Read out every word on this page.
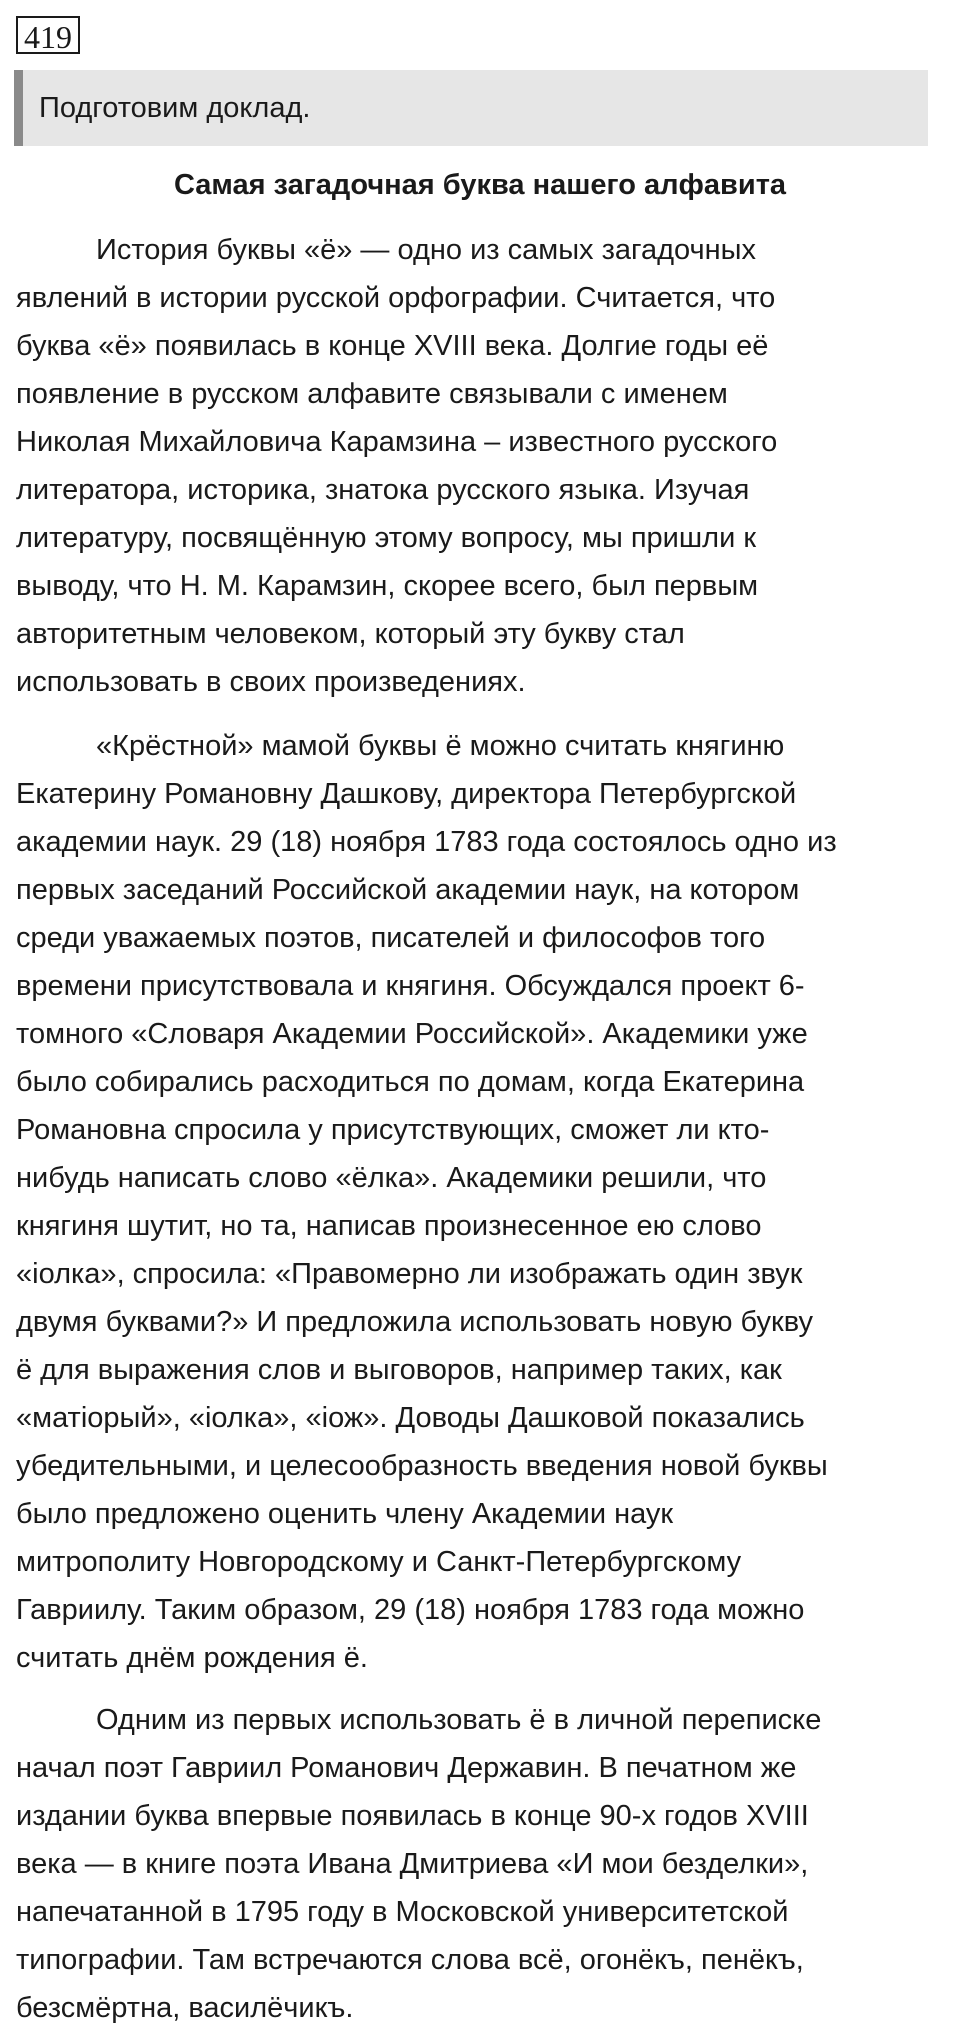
419
Подготовим доклад.
Самая загадочная буква нашего алфавита
История буквы «ё» — одно из самых загадочных
явлений в истории русской орфографии. Считается, что
буква «ё» появилась в конце XVIII века. Долгие годы её
появление в русском алфавите связывали с именем
Николая Михайловича Карамзина – известного русского
литератора, историка, знатока русского языка. Изучая
литературу, посвящённую этому вопросу, мы пришли к
выводу, что Н. М. Карамзин, скорее всего, был первым
авторитетным человеком, который эту букву стал
использовать в своих произведениях.
«Крёстной» мамой буквы ё можно считать княгиню
Екатерину Романовну Дашкову, директора Петербургской
академии наук. 29 (18) ноября 1783 года состоялось одно из
первых заседаний Российской академии наук, на котором
среди уважаемых поэтов, писателей и философов того
времени присутствовала и княгиня. Обсуждался проект 6-
томного «Словаря Академии Российской». Академики уже
было собирались расходиться по домам, когда Екатерина
Романовна спросила у присутствующих, сможет ли кто-
нибудь написать слово «ёлка». Академики решили, что
княгиня шутит, но та, написав произнесенное ею слово
«iолка», спросила: «Правомерно ли изображать один звук
двумя буквами?» И предложила использовать новую букву
ё для выражения слов и выговоров, например таких, как
«матiорый», «iолка», «iож». Доводы Дашковой показались
убедительными, и целесообразность введения новой буквы
было предложено оценить члену Академии наук
митрополиту Новгородскому и Санкт-Петербургскому
Гавриилу. Таким образом, 29 (18) ноября 1783 года можно
считать днём рождения ё.
Одним из первых использовать ё в личной переписке
начал поэт Гавриил Романович Державин. В печатном же
издании буква впервые появилась в конце 90-х годов XVIII
века — в книге поэта Ивана Дмитриева «И мои безделки»,
напечатанной в 1795 году в Московской университетской
типографии. Там встречаются слова всё, огонёкъ, пенёкъ,
безсмёртна, василёчикъ.
